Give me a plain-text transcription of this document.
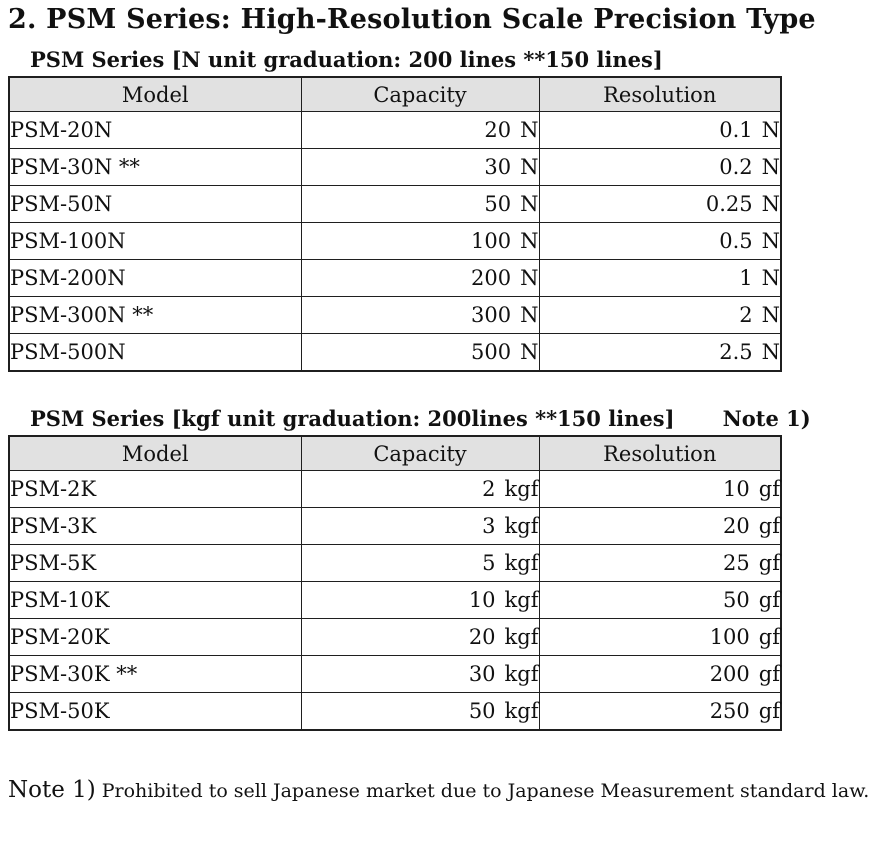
2. PSM Series: High-Resolution Scale Precision Type
PSM Series [N unit graduation: 200 lines **150 lines]
Model	Capacity	Resolution
PSM-20N	20 N	0.1 N
PSM-30N **	30 N	0.2 N
PSM-50N	50 N	0.25 N
PSM-100N	100 N	0.5 N
PSM-200N	200 N	1 N
PSM-300N **	300 N	2 N
PSM-500N	500 N	2.5 N
PSM Series [kgf unit graduation: 200lines **150 lines] Note 1)
Model	Capacity	Resolution
PSM-2K	2 kgf	10 gf
PSM-3K	3 kgf	20 gf
PSM-5K	5 kgf	25 gf
PSM-10K	10 kgf	50 gf
PSM-20K	20 kgf	100 gf
PSM-30K **	30 kgf	200 gf
PSM-50K	50 kgf	250 gf

Note 1) Prohibited to sell Japanese market due to Japanese Measurement standard law.
